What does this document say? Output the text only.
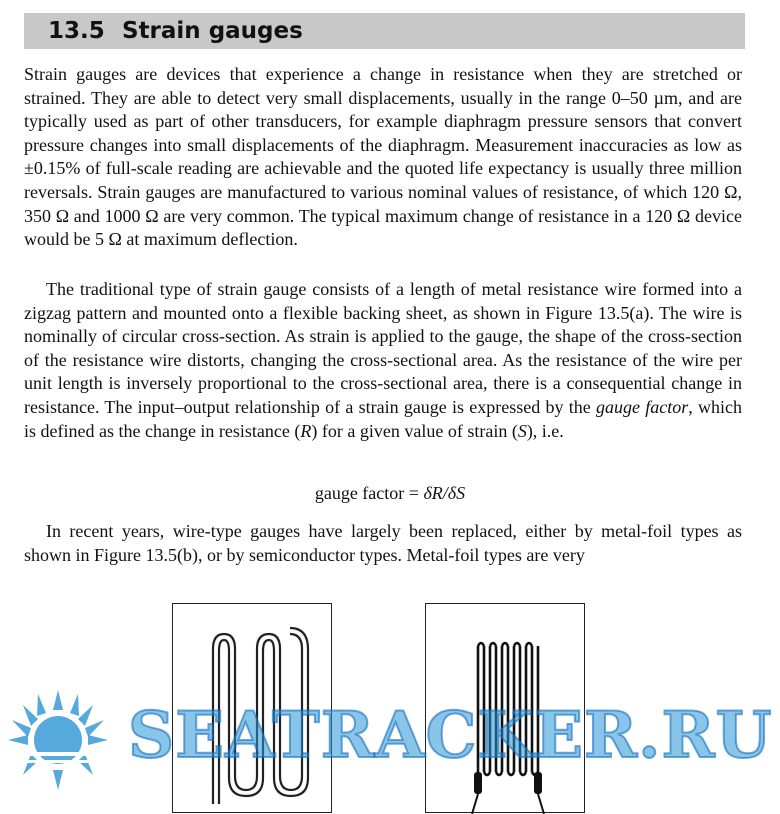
13.5 Strain gauges

Strain gauges are devices that experience a change in resistance when they are stretched or strained. They are able to detect very small displacements, usually in the range 0–50 µm, and are typically used as part of other transducers, for example diaphragm pressure sensors that convert pressure changes into small displacements of the diaphragm. Measurement inaccuracies as low as ±0.15% of full-scale reading are achievable and the quoted life expectancy is usually three million reversals. Strain gauges are manufactured to various nominal values of resistance, of which 120 Ω, 350 Ω and 1000 Ω are very common. The typical maximum change of resistance in a 120 Ω device would be 5 Ω at maximum deflection.

The traditional type of strain gauge consists of a length of metal resistance wire formed into a zigzag pattern and mounted onto a flexible backing sheet, as shown in Figure 13.5(a). The wire is nominally of circular cross-section. As strain is applied to the gauge, the shape of the cross-section of the resistance wire distorts, changing the cross-sectional area. As the resistance of the wire per unit length is inversely proportional to the cross-sectional area, there is a consequential change in resistance. The input–output relationship of a strain gauge is expressed by the gauge factor, which is defined as the change in resistance (R) for a given value of strain (S), i.e.

gauge factor = δR/δS

In recent years, wire-type gauges have largely been replaced, either by metal-foil types as shown in Figure 13.5(b), or by semiconductor types. Metal-foil types are very

SEATRACKER.RU
